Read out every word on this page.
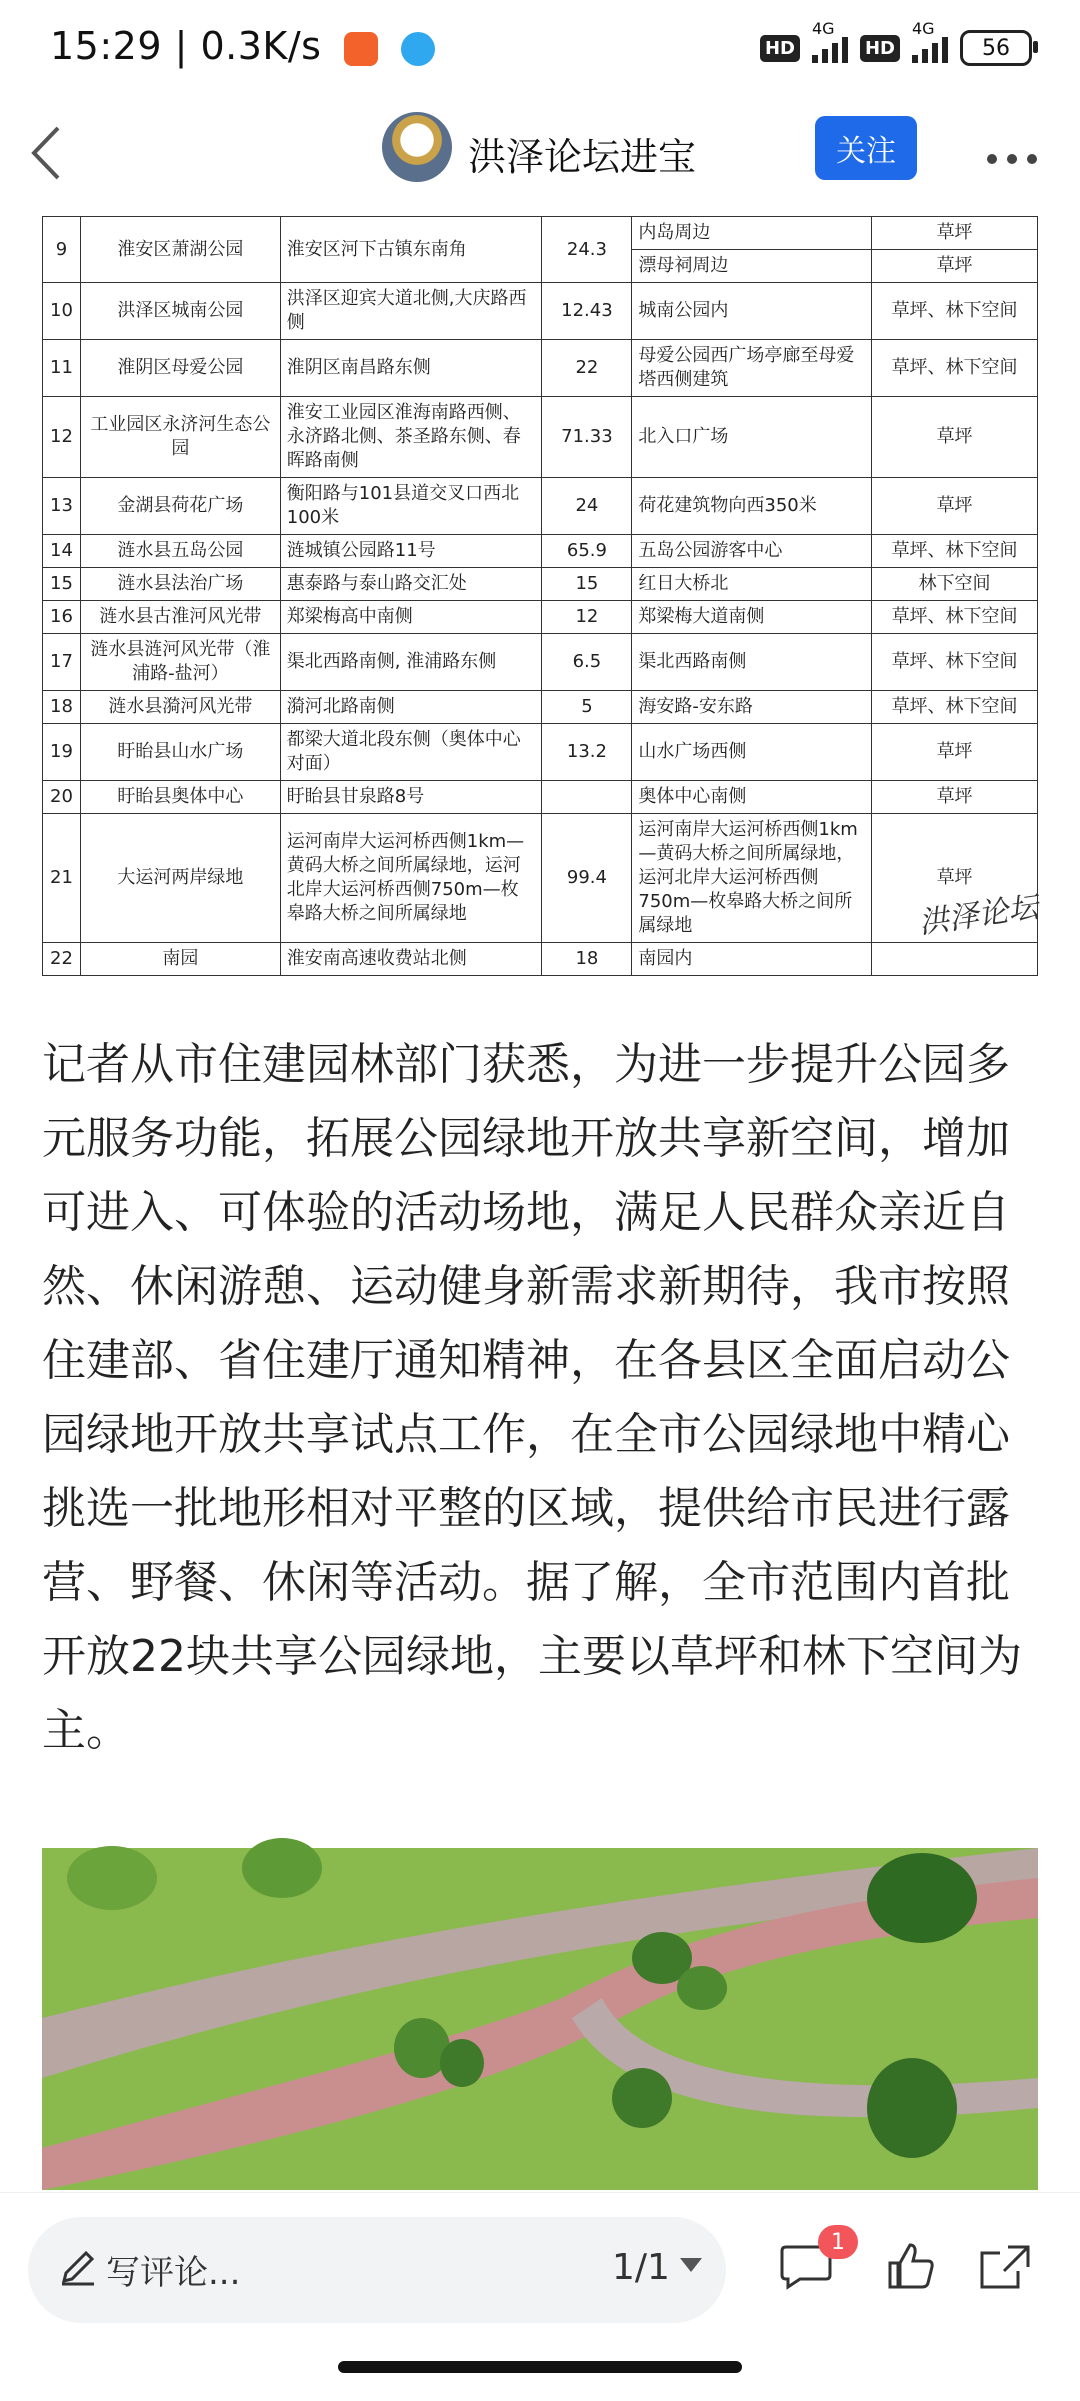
15:29 | 0.3K/s	HD
4G
HD
4G
56
洪泽论坛进宝	关注
9	淮安区萧湖公园	淮安区河下古镇东南角	24.3	内岛周边	草坪
				漂母祠周边	草坪
10	洪泽区城南公园	洪泽区迎宾大道北侧,大庆路西侧	12.43	城南公园内	草坪、林下空间
11	淮阴区母爱公园	淮阴区南昌路东侧	22	母爱公园西广场亭廊至母爱塔西侧建筑	草坪、林下空间
12	工业园区永济河生态公园	淮安工业园区淮海南路西侧、永济路北侧、茶圣路东侧、春晖路南侧	71.33	北入口广场	草坪
13	金湖县荷花广场	衡阳路与101县道交叉口西北100米	24	荷花建筑物向西350米	草坪
14	涟水县五岛公园	涟城镇公园路11号	65.9	五岛公园游客中心	草坪、林下空间
15	涟水县法治广场	惠泰路与泰山路交汇处	15	红日大桥北	林下空间
16	涟水县古淮河风光带	郑梁梅高中南侧	12	郑梁梅大道南侧	草坪、林下空间
17	涟水县涟河风光带（淮浦路-盐河）	渠北西路南侧, 淮浦路东侧	6.5	渠北西路南侧	草坪、林下空间
18	涟水县漪河风光带	漪河北路南侧	5	海安路-安东路	草坪、林下空间
19	盱眙县山水广场	都梁大道北段东侧（奥体中心对面）	13.2	山水广场西侧	草坪
20	盱眙县奥体中心	盱眙县甘泉路8号		奥体中心南侧	草坪
21	大运河两岸绿地	运河南岸大运河桥西侧1km—黄码大桥之间所属绿地，运河北岸大运河桥西侧750m—枚皋路大桥之间所属绿地	99.4	运河南岸大运河桥西侧1km—黄码大桥之间所属绿地，运河北岸大运河桥西侧750m—枚皋路大桥之间所属绿地	草坪
22	南园	淮安南高速收费站北侧	18	南园内	
洪泽论坛
记者从市住建园林部门获悉，为进一步提升公园多元服务功能，拓展公园绿地开放共享新空间，增加可进入、可体验的活动场地，满足人民群众亲近自然、休闲游憩、运动健身新需求新期待，我市按照住建部、省住建厅通知精神，在各县区全面启动公园绿地开放共享试点工作，在全市公园绿地中精心挑选一批地形相对平整的区域，提供给市民进行露营、野餐、休闲等活动。据了解，全市范围内首批开放22块共享公园绿地，主要以草坪和林下空间为主。
写评论...	1/1
1
